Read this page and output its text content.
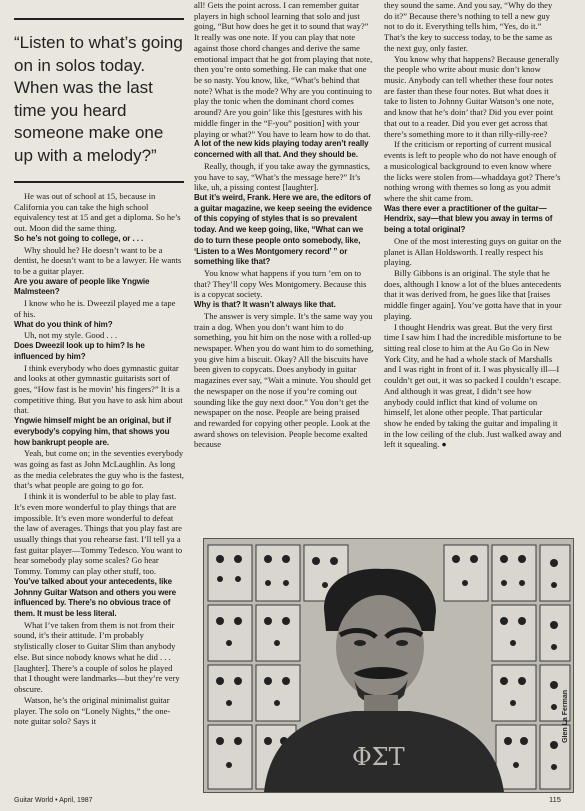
“Listen to what’s going on in solos today. When was the last time you heard someone make one up with a melody?”

He was out of school at 15, because in California you can take the high school equivalency test at 15 and get a diploma. So he’s out. Moon did the same thing.

So he’s not going to college, or . . .

Why should he? He doesn’t want to be a dentist, he doesn’t want to be a lawyer. He wants to be a guitar player.

Are you aware of people like Yngwie Malmsteen?

I know who he is. Dweezil played me a tape of his.

What do you think of him?

Uh, not my style. Good . . .

Does Dweezil look up to him? Is he influenced by him?

I think everybody who does gymnastic guitar and looks at other gymnastic guitarists sort of goes, “How fast is he movin’ his fingers?” It is a competitive thing. But you have to ask him about that.

Yngwie himself might be an original, but if everybody’s copying him, that shows you how bankrupt people are.

Yeah, but come on; in the seventies everybody was going as fast as John McLaughlin. As long as the media celebrates the guy who is the fastest, that’s what people are going to go for.

I think it is wonderful to be able to play fast. It’s even more wonderful to play things that are impossible. It’s even more wonderful to defeat the law of averages. Things that you play fast are usually things that you rehearse fast. I’ll tell ya a fast guitar player—Tommy Tedesco. You want to hear somebody play some scales? Go hear Tommy. Tommy can play other stuff, too.

You’ve talked about your antecedents, like Johnny Guitar Watson and others you were influenced by. There’s no obvious trace of them. It must be less literal.

What I’ve taken from them is not from their sound, it’s their attitude. I’m probably stylistically closer to Guitar Slim than anybody else. But since nobody knows what he did . . . [laughter]. There’s a couple of solos he played that I thought were landmarks—but they’re very obscure.

Watson, he’s the original minimalist guitar player. The solo on “Lonely Nights,” the one-note guitar solo? Says it

all! Gets the point across. I can remember guitar players in high school learning that solo and just going, “But how does he get it to sound that way?” It really was one note. If you can play that note against those chord changes and derive the same emotional impact that he got from playing that note, then you’re onto something. He can make that one be so nasty. You know, like, “What’s behind that note? What is the mode? Why are you continuing to play the tonic when the dominant chord comes around? Are you goin’ like this [gestures with his middle finger in the “F-you” position] with your playing or what?” You have to learn how to do that.

A lot of the new kids playing today aren’t really concerned with all that. And they should be.

Really, though, if you take away the gymnastics, you have to say, “What’s the message here?” It’s like, uh, a pissing contest [laughter].

But it’s weird, Frank. Here we are, the editors of a guitar magazine, we keep seeing the evidence of this copying of styles that is so prevalent today. And we keep going, like, “What can we do to turn these people onto somebody, like, ‘Listen to a Wes Montgomery record’ ” or something like that?

You know what happens if you turn ’em on to that? They’ll copy Wes Montgomery. Because this is a copycat society.

Why is that? It wasn’t always like that.

The answer is very simple. It’s the same way you train a dog. When you don’t want him to do something, you hit him on the nose with a rolled-up newspaper. When you do want him to do something, you give him a biscuit. Okay? All the biscuits have been given to copycats. Does anybody in guitar magazines ever say, “Wait a minute. You should get the newspaper on the nose if you’re coming out sounding like the guy next door.” You don’t get the newspaper on the nose. People are being praised and rewarded for copying other people. Look at the award shows on television. People become exalted because

they sound the same. And you say, “Why do they do it?” Because there’s nothing to tell a new guy not to do it. Everything tells him, “Yes, do it.” That’s the key to success today, to be the same as the next guy, only faster.

You know why that happens? Because generally the people who write about music don’t know music. Anybody can tell whether these four notes are faster than these four notes. But what does it take to listen to Johnny Guitar Watson’s one note, and know that he’s doin’ that? Did you ever point that out to a reader. Did you ever get across that there’s something more to it than rilly-rilly-ree?

If the criticism or reporting of current musical events is left to people who do not have enough of a musicological background to even know where the licks were stolen from—whaddaya got? There’s nothing wrong with themes so long as you admit where the shit came from.

Was there ever a practitioner of the guitar—Hendrix, say—that blew you away in terms of being a total original?

One of the most interesting guys on guitar on the planet is Allan Holdsworth. I really respect his playing.

Billy Gibbons is an original. The style that he does, although I know a lot of the blues antecedents that it was derived from, he goes like that [raises middle finger again]. You’ve gotta have that in your playing.

I thought Hendrix was great. But the very first time I saw him I had the incredible misfortune to be sitting real close to him at the Au Go Go in New York City, and he had a whole stack of Marshalls and I was right in front of it. I was physically ill—I couldn’t get out, it was so packed I couldn’t escape. And although it was great, I didn’t see how anybody could inflict that kind of volume on himself, let alone other people. That particular show he ended by taking the guitar and impaling it in the low ceiling of the club. Just walked away and left it squealing. ●

ΦΣТ
Glen La Ferman
Guitar World • April, 1987	115
